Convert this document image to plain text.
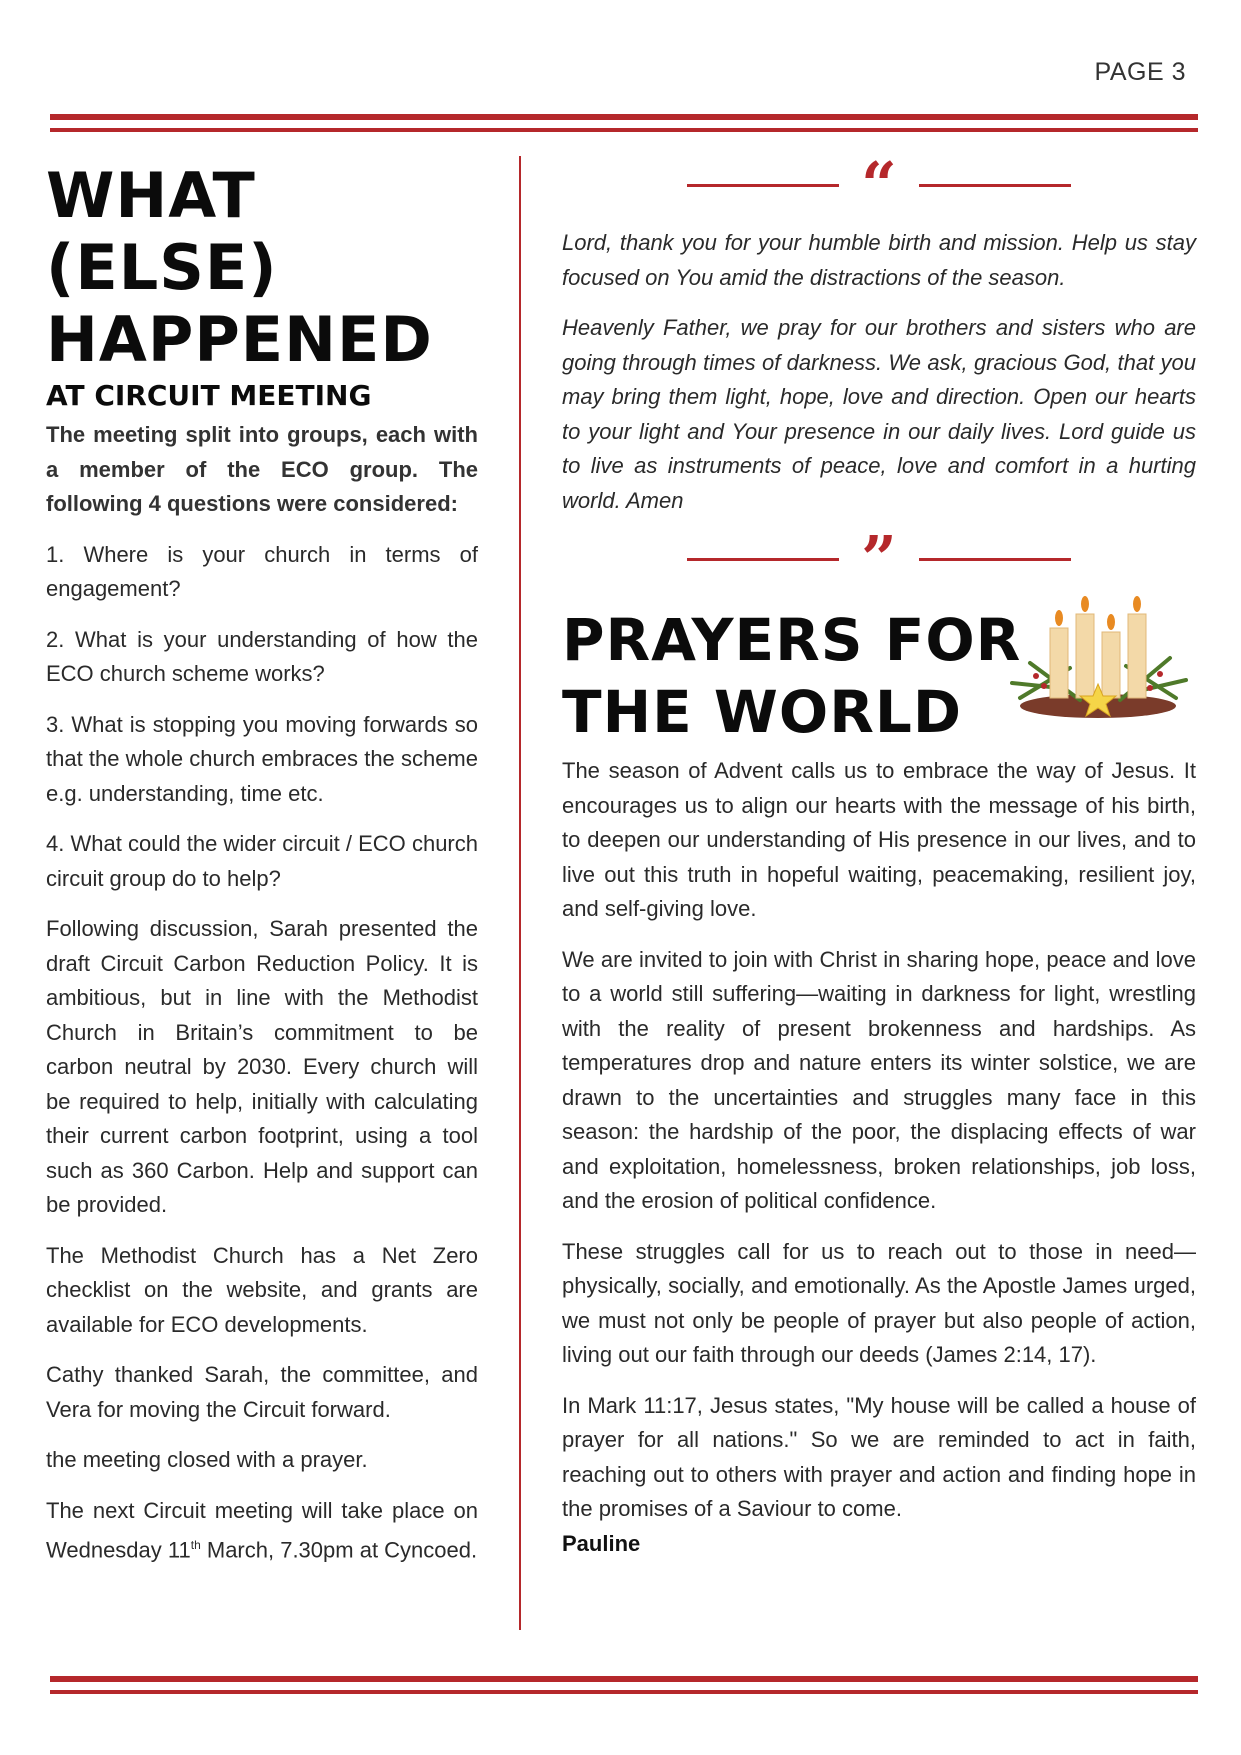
PAGE 3
WHAT (ELSE)
HAPPENED
AT CIRCUIT MEETING

The meeting split into groups, each with a member of the ECO group. The following 4 questions were considered:

1. Where is your church in terms of engagement?

2. What is your understanding of how the ECO church scheme works?

3. What is stopping you moving forwards so that the whole church embraces the scheme e.g. understanding, time etc.

4. What could the wider circuit / ECO church circuit group do to help?

Following discussion, Sarah presented the draft Circuit Carbon Reduction Policy. It is ambitious, but in line with the Methodist Church in Britain’s commitment to be carbon neutral by 2030. Every church will be required to help, initially with calculating their current carbon footprint, using a tool such as 360 Carbon. Help and support can be provided.

The Methodist Church has a Net Zero checklist on the website, and grants are available for ECO developments.

Cathy thanked Sarah, the committee, and Vera for moving the Circuit forward.

the meeting closed with a prayer.

The next Circuit meeting will take place on Wednesday 11th March, 7.30pm at Cyncoed.

“

Lord, thank you for your humble birth and mission. Help us stay focused on You amid the distractions of the season.

Heavenly Father, we pray for our brothers and sisters who are going through times of darkness. We ask, gracious God, that you may bring them light, hope, love and direction. Open our hearts to your light and Your presence in our daily lives. Lord guide us to live as instruments of peace, love and comfort in a hurting world. Amen

”
PRAYERS FOR
THE WORLD

The season of Advent calls us to embrace the way of Jesus. It encourages us to align our hearts with the message of his birth, to deepen our understanding of His presence in our lives, and to live out this truth in hopeful waiting, peacemaking, resilient joy, and self-giving love.

We are invited to join with Christ in sharing hope, peace and love to a world still suffering—waiting in darkness for light, wrestling with the reality of present brokenness and hardships. As temperatures drop and nature enters its winter solstice, we are drawn to the uncertainties and struggles many face in this season: the hardship of the poor, the displacing effects of war and exploitation, homelessness, broken relationships, job loss, and the erosion of political confidence.

These struggles call for us to reach out to those in need—physically, socially, and emotionally. As the Apostle James urged, we must not only be people of prayer but also people of action, living out our faith through our deeds (James 2:14, 17).

In Mark 11:17, Jesus states, "My house will be called a house of prayer for all nations." So we are reminded to act in faith, reaching out to others with prayer and action and finding hope in the promises of a Saviour to come.

Pauline
